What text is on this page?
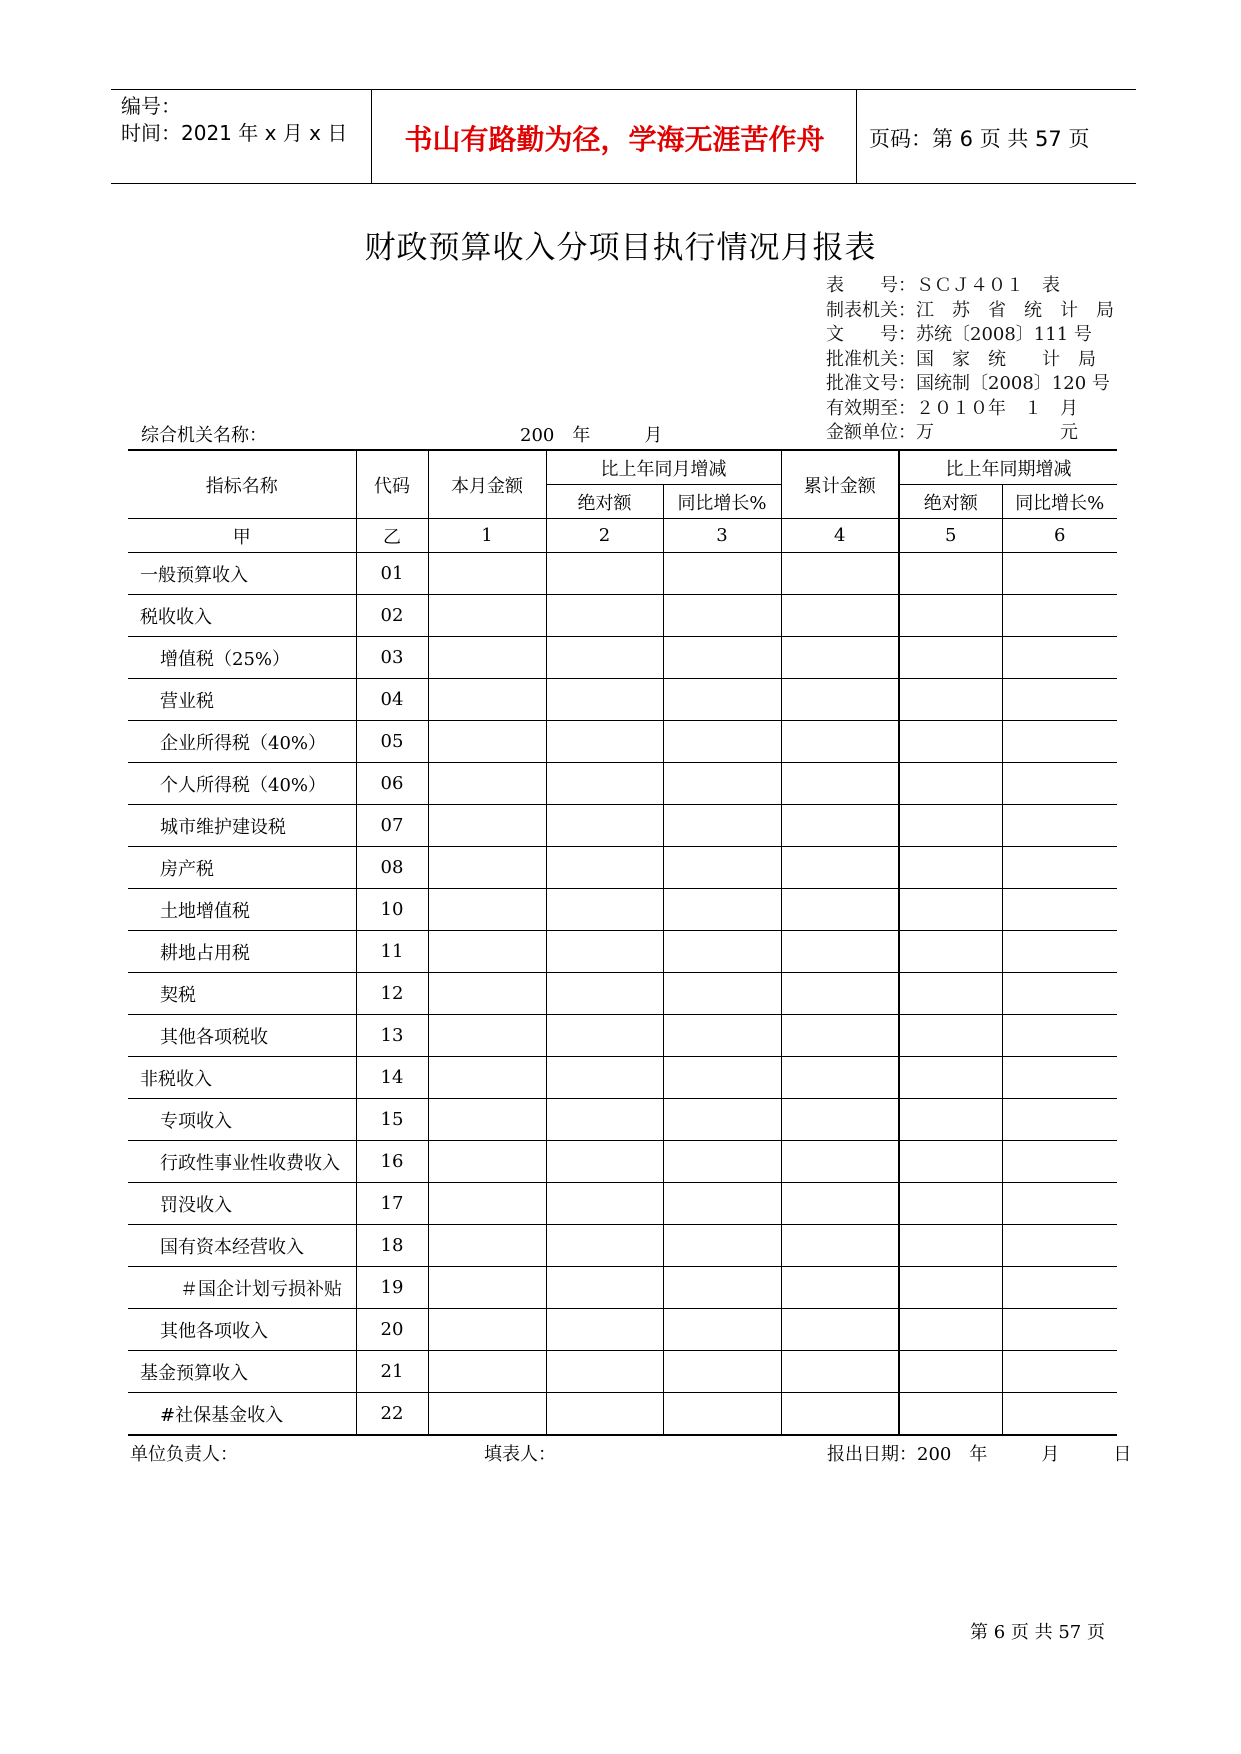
编号：
时间：2021 年 x 月 x 日	书山有路勤为径，学海无涯苦作舟	页码：第 6 页 共 57 页
财政预算收入分项目执行情况月报表
表　　号：ＳＣＪ４０１　表
制表机关：江　苏　省　统　计　局
文　　号：苏统〔2008〕111 号
批准机关：国　家　统　　计　局
批准文号：国统制〔2008〕120 号
有效期至：２０１０年　１　月
金额单位：万　　　　　　　元
综合机关名称：	200　年　　　月
指标名称	代码	本月金额	比上年同月增减		累计金额	比上年同期增减	
			绝对额	同比增长%		绝对额	同比增长%
甲	乙	1	2	3	4	5	6
一般预算收入	01						
税收收入	02						
增值税（25%）	03						
营业税	04						
企业所得税（40%）	05						
个人所得税（40%）	06						
城市维护建设税	07						
房产税	08						
土地增值税	10						
耕地占用税	11						
契税	12						
其他各项税收	13						
非税收入	14						
专项收入	15						
行政性事业性收费收入	16						
罚没收入	17						
国有资本经营收入	18						
＃国企计划亏损补贴	19						
其他各项收入	20						
基金预算收入	21						
#社保基金收入	22						
单位负责人：	填表人：	报出日期：200　年　　　月　　　日
第 6 页 共 57 页
